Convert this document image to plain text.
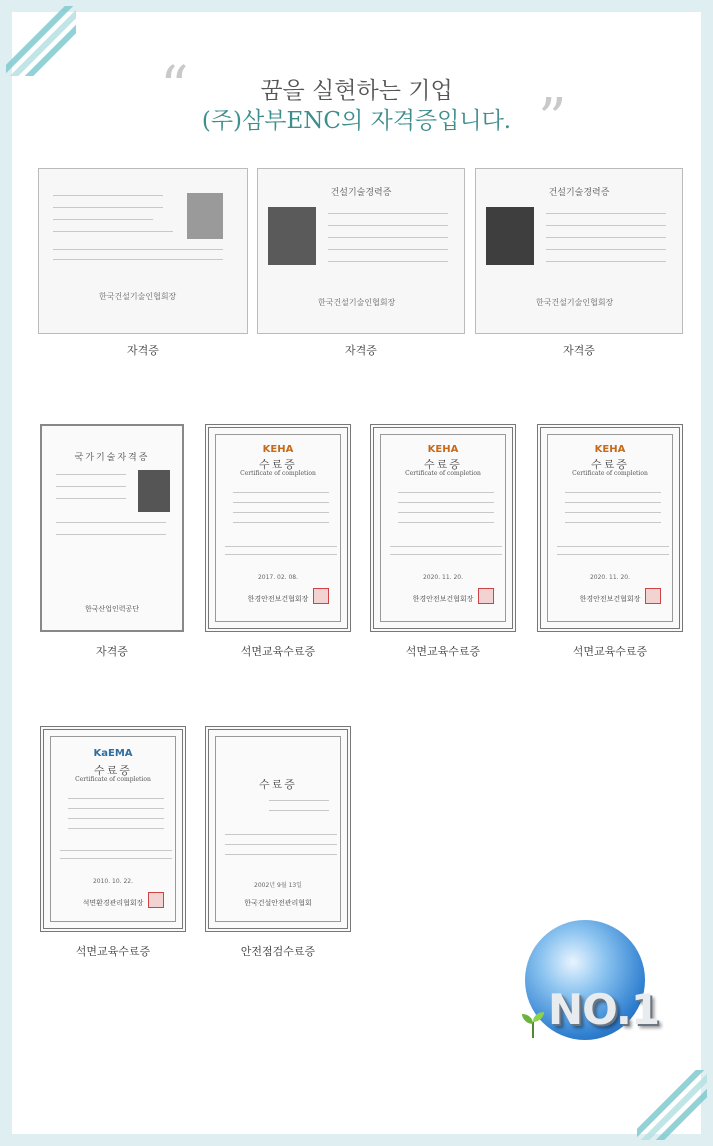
“	”
꿈을 실현하는 기업
(주)삼부ENC의 자격증입니다.
한국건설기술인협회장
자격증
건설기술경력증
한국건설기술인협회장
자격증
건설기술경력증
한국건설기술인협회장
자격증
국가기술자격증
한국산업인력공단
자격증
KEHA
수료증
Certificate of completion
2017. 02. 08.
한경안전보건협회장
석면교육수료증
KEHA
수료증
Certificate of completion
2020. 11. 20.
한경안전보건협회장
석면교육수료증
KEHA
수료증
Certificate of completion
2020. 11. 20.
한경안전보건협회장
석면교육수료증
KaEMA
수료증
Certificate of completion
2010. 10. 22.
석면환경관리협회장
석면교육수료증
수료증
2002년 9월 13일
한국건설안전관리협회
안전점검수료증
NO.1
